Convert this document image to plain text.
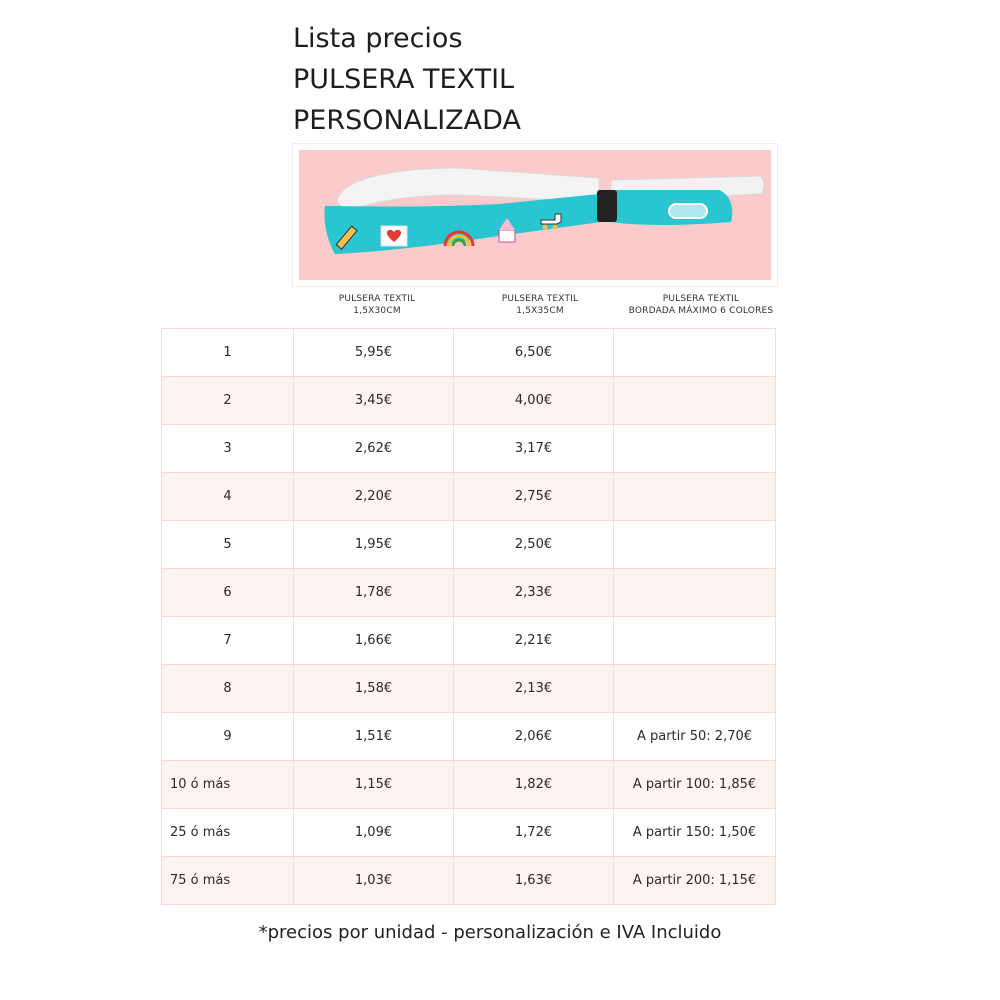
Lista precios
PULSERA TEXTIL
PERSONALIZADA
PULSERA TEXTIL
1,5X30CM
PULSERA TEXTIL
1,5X35CM
PULSERA TEXTIL
BORDADA MÁXIMO 6 COLORES
1	5,95€	6,50€	
2	3,45€	4,00€	
3	2,62€	3,17€	
4	2,20€	2,75€	
5	1,95€	2,50€	
6	1,78€	2,33€	
7	1,66€	2,21€	
8	1,58€	2,13€	
9	1,51€	2,06€	A partir 50: 2,70€
10 ó más	1,15€	1,82€	A partir 100: 1,85€
25 ó más	1,09€	1,72€	A partir 150: 1,50€
75 ó más	1,03€	1,63€	A partir 200: 1,15€
*precios por unidad - personalización e IVA Incluido
